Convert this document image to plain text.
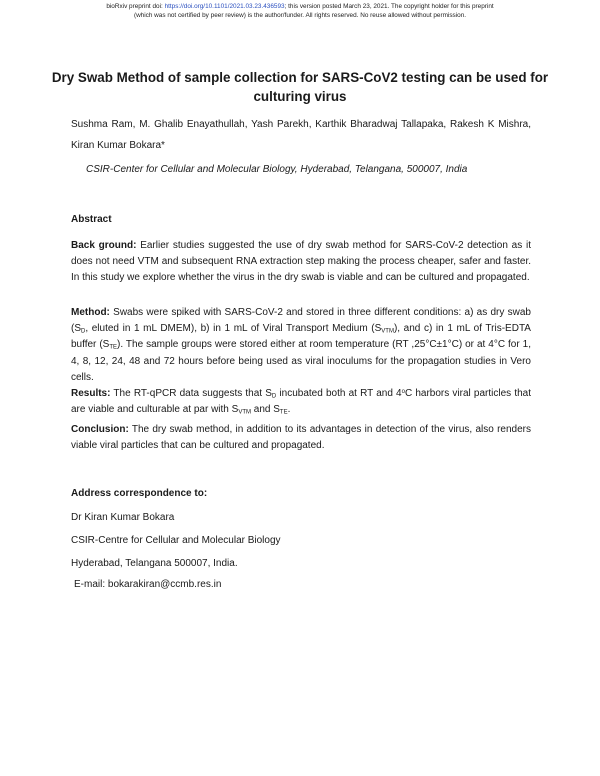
bioRxiv preprint doi: https://doi.org/10.1101/2021.03.23.436593; this version posted March 23, 2021. The copyright holder for this preprint
(which was not certified by peer review) is the author/funder. All rights reserved. No reuse allowed without permission.
Dry Swab Method of sample collection for SARS-CoV2 testing can be used for culturing virus
Sushma Ram, M. Ghalib Enayathullah, Yash Parekh, Karthik Bharadwaj Tallapaka, Rakesh K Mishra, Kiran Kumar Bokara*
CSIR-Center for Cellular and Molecular Biology, Hyderabad, Telangana, 500007, India
Abstract

Back ground: Earlier studies suggested the use of dry swab method for SARS-CoV-2 detection as it does not need VTM and subsequent RNA extraction step making the process cheaper, safer and faster. In this study we explore whether the virus in the dry swab is viable and can be cultured and propagated.

Method: Swabs were spiked with SARS-CoV-2 and stored in three different conditions: a) as dry swab ($S_D$, eluted in 1 mL DMEM), b) in 1 mL of Viral Transport Medium $(S_{VTM})$, and c) in 1 mL of Tris-EDTA buffer $(S_{TE})$. The sample groups were stored either at room temperature (RT ,25°C±1°C) or at 4°C for 1, 4, 8, 12, 24, 48 and 72 hours before being used as viral inoculums for the propagation studies in Vero cells.

Results: The RT-qPCR data suggests that $S_D$ incubated both at RT and 4$^o$C harbors viral particles that are viable and culturable at par with $S_{VTM}$ and $S_{TE}$.

Conclusion: The dry swab method, in addition to its advantages in detection of the virus, also renders viable viral particles that can be cultured and propagated.

Address correspondence to:
Dr Kiran Kumar Bokara
CSIR-Centre for Cellular and Molecular Biology
Hyderabad, Telangana 500007, India.
E-mail: bokarakiran@ccmb.res.in
